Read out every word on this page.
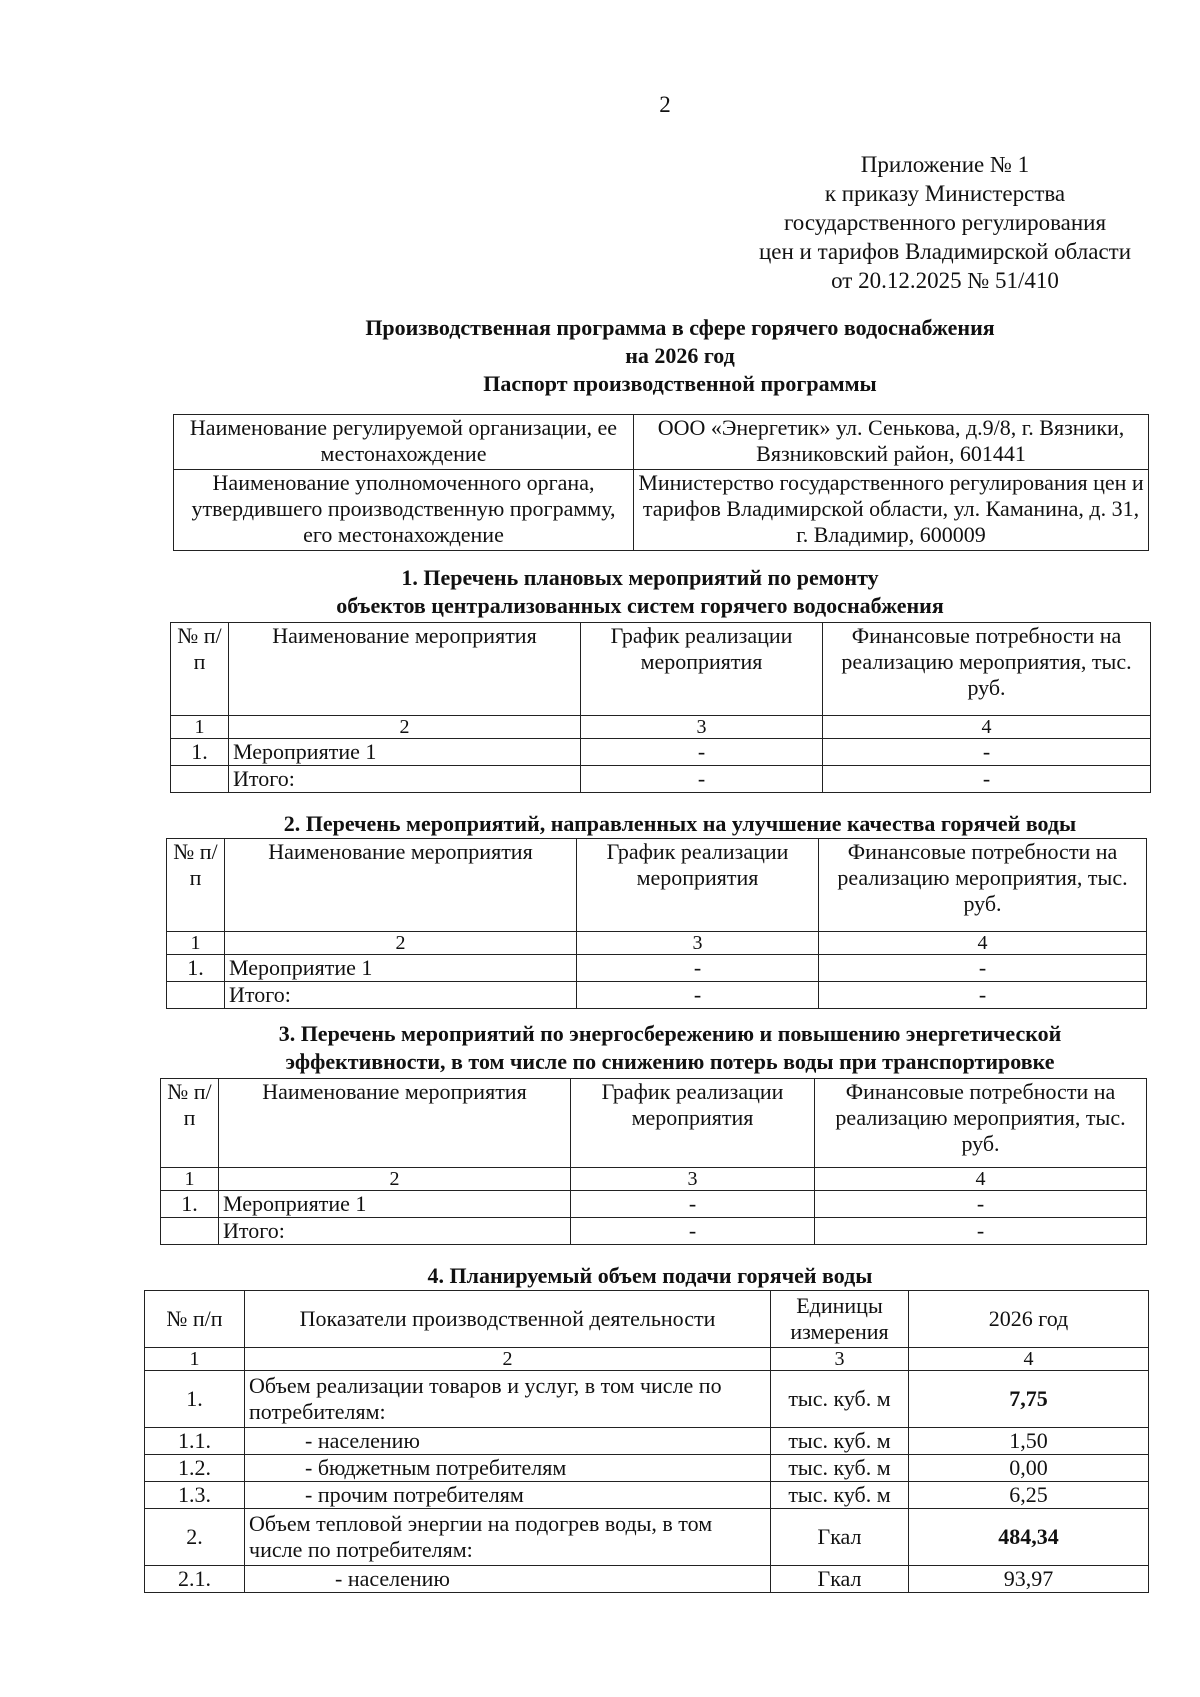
2
Приложение № 1
к приказу Министерства
государственного регулирования
цен и тарифов Владимирской области
от 20.12.2025 № 51/410
Производственная программа в сфере горячего водоснабжения
на 2026 год
Паспорт производственной программы
Наименование регулируемой организации, ее местонахождение	ООО «Энергетик» ул. Сенькова, д.9/8, г. Вязники, Вязниковский район, 601441
Наименование уполномоченного органа, утвердившего производственную программу, его местонахождение	Министерство государственного регулирования цен и тарифов Владимирской области, ул. Каманина, д. 31, г. Владимир, 600009
1. Перечень плановых мероприятий по ремонту
объектов централизованных систем горячего водоснабжения
№ п/п	Наименование мероприятия	График реализации мероприятия	Финансовые потребности на реализацию мероприятия, тыс. руб.
1	2	3	4
1.	Мероприятие 1	-	-
	Итого:	-	-
2. Перечень мероприятий, направленных на улучшение качества горячей воды
№ п/п	Наименование мероприятия	График реализации мероприятия	Финансовые потребности на реализацию мероприятия, тыс. руб.
1	2	3	4
1.	Мероприятие 1	-	-
	Итого:	-	-
3. Перечень мероприятий по энергосбережению и повышению энергетической
эффективности, в том числе по снижению потерь воды при транспортировке
№ п/п	Наименование мероприятия	График реализации мероприятия	Финансовые потребности на реализацию мероприятия, тыс. руб.
1	2	3	4
1.	Мероприятие 1	-	-
	Итого:	-	-
4. Планируемый объем подачи горячей воды
№ п/п	Показатели производственной деятельности	Единицы измерения	2026 год
1	2	3	4
1.	Объем реализации товаров и услуг, в том числе по потребителям:	тыс. куб. м	7,75
1.1.	- населению	тыс. куб. м	1,50
1.2.	- бюджетным потребителям	тыс. куб. м	0,00
1.3.	- прочим потребителям	тыс. куб. м	6,25
2.	Объем тепловой энергии на подогрев воды, в том числе по потребителям:	Гкал	484,34
2.1.	- населению	Гкал	93,97
